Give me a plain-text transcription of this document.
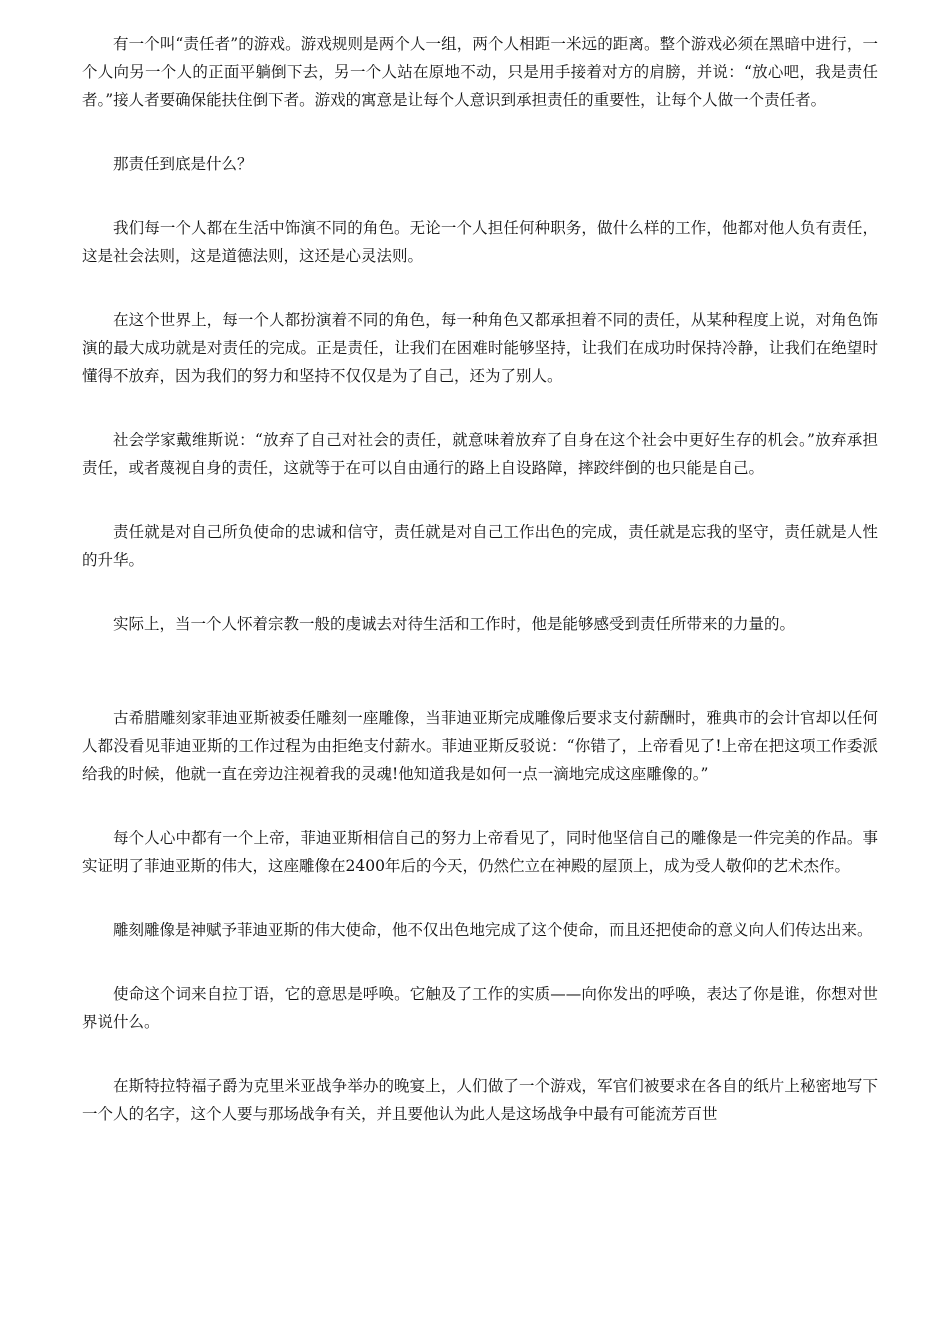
有一个叫“责任者”的游戏。游戏规则是两个人一组，两个人相距一米远的距离。整个游戏必须在黑暗中进行，一个人向另一个人的正面平躺倒下去，另一个人站在原地不动，只是用手接着对方的肩膀，并说：“放心吧，我是责任者。”接人者要确保能扶住倒下者。游戏的寓意是让每个人意识到承担责任的重要性，让每个人做一个责任者。

那责任到底是什么？

我们每一个人都在生活中饰演不同的角色。无论一个人担任何种职务，做什么样的工作，他都对他人负有责任，这是社会法则，这是道德法则，这还是心灵法则。

在这个世界上，每一个人都扮演着不同的角色，每一种角色又都承担着不同的责任，从某种程度上说，对角色饰演的最大成功就是对责任的完成。正是责任，让我们在困难时能够坚持，让我们在成功时保持冷静，让我们在绝望时懂得不放弃，因为我们的努力和坚持不仅仅是为了自己，还为了别人。

社会学家戴维斯说：“放弃了自己对社会的责任，就意味着放弃了自身在这个社会中更好生存的机会。”放弃承担责任，或者蔑视自身的责任，这就等于在可以自由通行的路上自设路障，摔跤绊倒的也只能是自己。

责任就是对自己所负使命的忠诚和信守，责任就是对自己工作出色的完成，责任就是忘我的坚守，责任就是人性的升华。

实际上，当一个人怀着宗教一般的虔诚去对待生活和工作时，他是能够感受到责任所带来的力量的。

古希腊雕刻家菲迪亚斯被委任雕刻一座雕像，当菲迪亚斯完成雕像后要求支付薪酬时，雅典市的会计官却以任何人都没看见菲迪亚斯的工作过程为由拒绝支付薪水。菲迪亚斯反驳说：“你错了，上帝看见了!上帝在把这项工作委派给我的时候，他就一直在旁边注视着我的灵魂!他知道我是如何一点一滴地完成这座雕像的。”

每个人心中都有一个上帝，菲迪亚斯相信自己的努力上帝看见了，同时他坚信自己的雕像是一件完美的作品。事实证明了菲迪亚斯的伟大，这座雕像在2400年后的今天，仍然伫立在神殿的屋顶上，成为受人敬仰的艺术杰作。

雕刻雕像是神赋予菲迪亚斯的伟大使命，他不仅出色地完成了这个使命，而且还把使命的意义向人们传达出来。

使命这个词来自拉丁语，它的意思是呼唤。它触及了工作的实质——向你发出的呼唤，表达了你是谁，你想对世界说什么。

在斯特拉特福子爵为克里米亚战争举办的晚宴上，人们做了一个游戏，军官们被要求在各自的纸片上秘密地写下一个人的名字，这个人要与那场战争有关，并且要他认为此人是这场战争中最有可能流芳百世
